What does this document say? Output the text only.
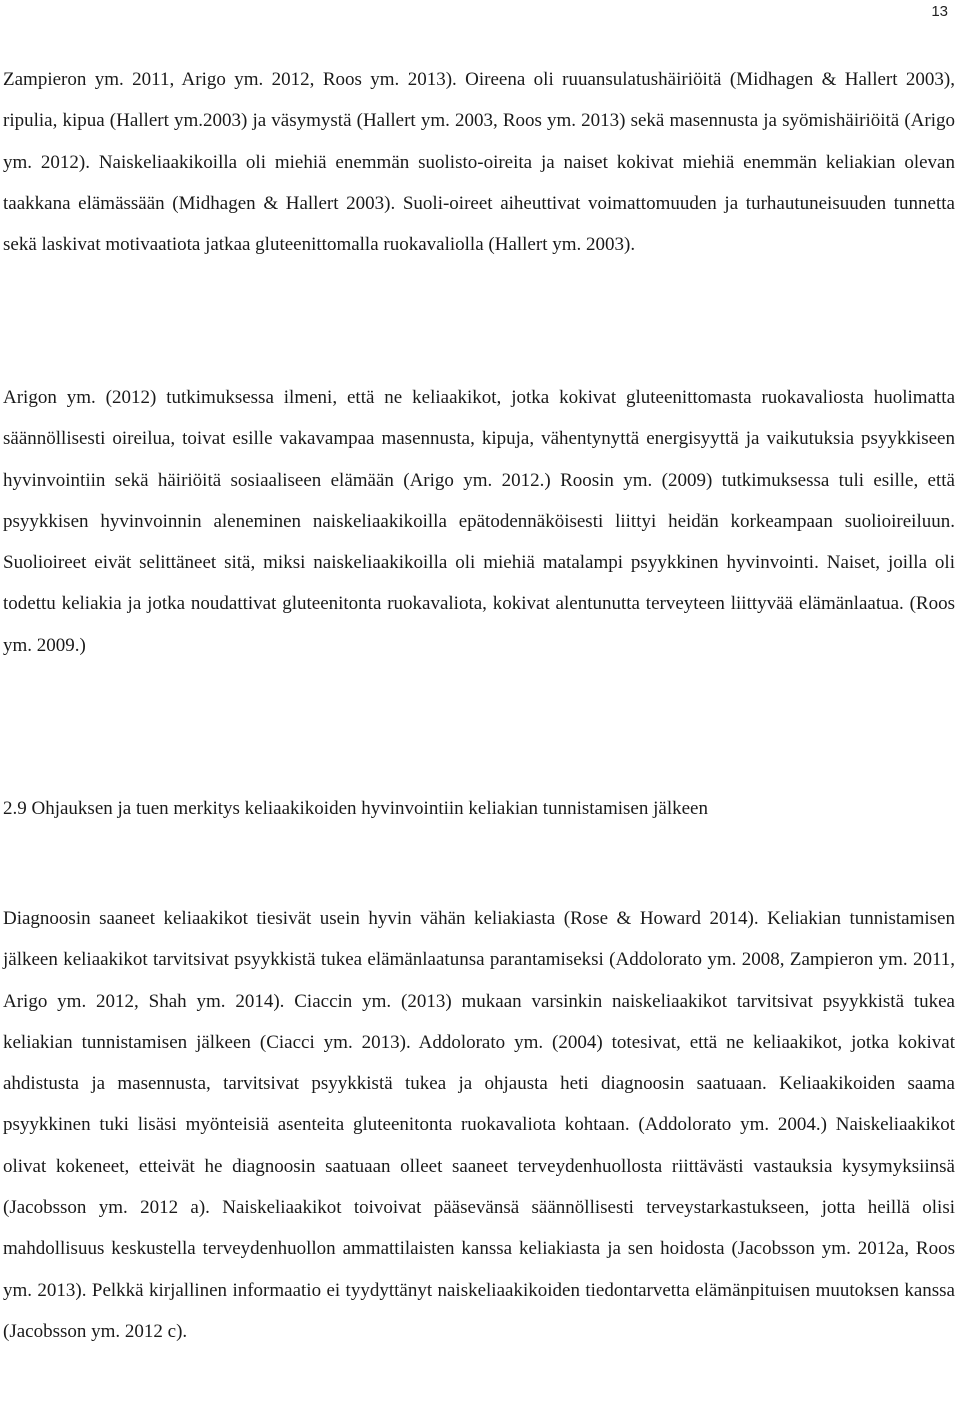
13

Zampieron ym. 2011, Arigo ym. 2012, Roos ym. 2013). Oireena oli ruuansulatushäiriöitä (Midhagen & Hallert 2003), ripulia, kipua (Hallert ym.2003) ja väsymystä (Hallert ym. 2003, Roos ym. 2013) sekä masennusta ja syömishäiriöitä (Arigo ym. 2012). Naiskeliaakikoilla oli miehiä enemmän suolisto-oireita ja naiset kokivat miehiä enemmän keliakian olevan taakkana elämässään (Midhagen & Hallert 2003). Suoli-oireet aiheuttivat voimattomuuden ja turhautuneisuuden tunnetta sekä laskivat motivaatiota jatkaa gluteenittomalla ruokavaliolla (Hallert ym. 2003).

Arigon ym. (2012) tutkimuksessa ilmeni, että ne keliaakikot, jotka kokivat gluteenittomasta ruokavaliosta huolimatta säännöllisesti oireilua, toivat esille vakavampaa masennusta, kipuja, vähentynyttä energisyyttä ja vaikutuksia psyykkiseen hyvinvointiin sekä häiriöitä sosiaaliseen elämään (Arigo ym. 2012.) Roosin ym. (2009) tutkimuksessa tuli esille, että psyykkisen hyvinvoinnin aleneminen naiskeliaakikoilla epätodennäköisesti liittyi heidän korkeampaan suolioireiluun. Suolioireet eivät selittäneet sitä, miksi naiskeliaakikoilla oli miehiä matalampi psyykkinen hyvinvointi. Naiset, joilla oli todettu keliakia ja jotka noudattivat gluteenitonta ruokavaliota, kokivat alentunutta terveyteen liittyvää elämänlaatua. (Roos ym. 2009.)

2.9 Ohjauksen ja tuen merkitys keliaakikoiden hyvinvointiin keliakian tunnistamisen jälkeen

Diagnoosin saaneet keliaakikot tiesivät usein hyvin vähän keliakiasta (Rose & Howard 2014). Keliakian tunnistamisen jälkeen keliaakikot tarvitsivat psyykkistä tukea elämänlaatunsa parantamiseksi (Addolorato ym. 2008, Zampieron ym. 2011, Arigo ym. 2012, Shah ym. 2014). Ciaccin ym. (2013) mukaan varsinkin naiskeliaakikot tarvitsivat psyykkistä tukea keliakian tunnistamisen jälkeen (Ciacci ym. 2013). Addolorato ym. (2004) totesivat, että ne keliaakikot, jotka kokivat ahdistusta ja masennusta, tarvitsivat psyykkistä tukea ja ohjausta heti diagnoosin saatuaan. Keliaakikoiden saama psyykkinen tuki lisäsi myönteisiä asenteita gluteenitonta ruokavaliota kohtaan. (Addolorato ym. 2004.) Naiskeliaakikot olivat kokeneet, etteivät he diagnoosin saatuaan olleet saaneet terveydenhuollosta riittävästi vastauksia kysymyksiinsä (Jacobsson ym. 2012 a). Naiskeliaakikot toivoivat pääsevänsä säännöllisesti terveystarkastukseen, jotta heillä olisi mahdollisuus keskustella terveydenhuollon ammattilaisten kanssa keliakiasta ja sen hoidosta (Jacobsson ym. 2012a, Roos ym. 2013). Pelkkä kirjallinen informaatio ei tyydyttänyt naiskeliaakikoiden tiedontarvetta elämänpituisen muutoksen kanssa (Jacobsson ym. 2012 c).
